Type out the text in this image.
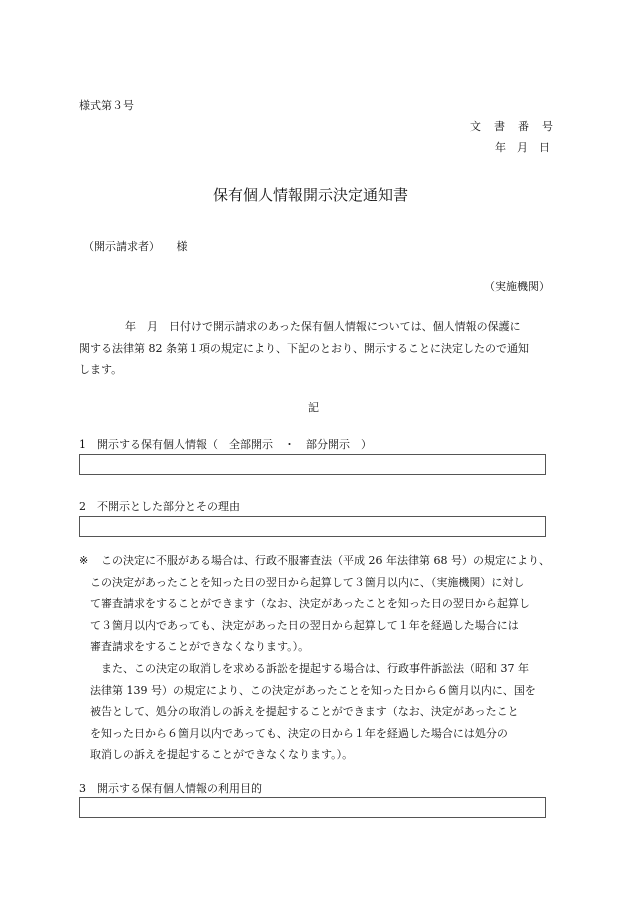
様式第３号
文　書　番　号
年　月　日
保有個人情報開示決定通知書
（開示請求者）　　様
（実施機関）
年　月　日付けで開示請求のあった保有個人情報については、個人情報の保護に
関する法律第 82 条第１項の規定により、下記のとおり、開示することに決定したので通知
します。
記
1　開示する保有個人情報（　全部開示　・　部分開示　）
2　不開示とした部分とその理由
※	この決定に不服がある場合は、行政不服審査法（平成 26 年法律第 68 号）の規定により、
この決定があったことを知った日の翌日から起算して３箇月以内に、（実施機関）に対し
て審査請求をすることができます（なお、決定があったことを知った日の翌日から起算し
て３箇月以内であっても、決定があった日の翌日から起算して１年を経過した場合には
審査請求をすることができなくなります。）。
また、この決定の取消しを求める訴訟を提起する場合は、行政事件訴訟法（昭和 37 年
法律第 139 号）の規定により、この決定があったことを知った日から６箇月以内に、国を
被告として、処分の取消しの訴えを提起することができます（なお、決定があったこと
を知った日から６箇月以内であっても、決定の日から１年を経過した場合には処分の
取消しの訴えを提起することができなくなります。）。
3　開示する保有個人情報の利用目的
